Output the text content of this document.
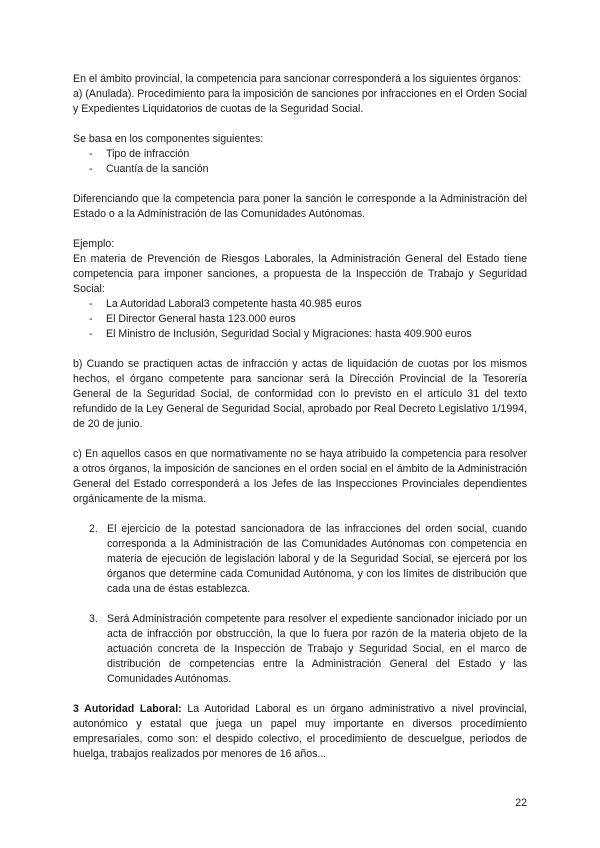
En el ámbito provincial, la competencia para sancionar corresponderá a los siguientes órganos:

a) (Anulada). Procedimiento para la imposición de sanciones por infracciones en el Orden Social y Expedientes Liquidatorios de cuotas de la Seguridad Social.

Se basa en los componentes siguientes:

- Tipo de infracción
- Cuantía de la sanción

Diferenciando que la competencia para poner la sanción le corresponde a la Administración del Estado o a la Administración de las Comunidades Autónomas.

Ejemplo:

En materia de Prevención de Riesgos Laborales, la Administración General del Estado tiene competencia para imponer sanciones, a propuesta de la Inspección de Trabajo y Seguridad Social:

- La Autoridad Laboral3 competente hasta 40.985 euros
- El Director General hasta 123.000 euros
- El Ministro de Inclusión, Seguridad Social y Migraciones: hasta 409.900 euros

b) Cuando se practiquen actas de infracción y actas de liquidación de cuotas por los mismos hechos, el órgano competente para sancionar será la Dirección Provincial de la Tesorería General de la Seguridad Social, de conformidad con lo previsto en el artículo 31 del texto refundido de la Ley General de Seguridad Social, aprobado por Real Decreto Legislativo 1/1994, de 20 de junio.

c) En aquellos casos en que normativamente no se haya atribuido la competencia para resolver a otros órganos, la imposición de sanciones en el orden social en el ámbito de la Administración General del Estado corresponderá a los Jefes de las Inspecciones Provinciales dependientes orgánicamente de la misma.

2. El ejercicio de la potestad sancionadora de las infracciones del orden social, cuando corresponda a la Administración de las Comunidades Autónomas con competencia en materia de ejecución de legislación laboral y de la Seguridad Social, se ejercerá por los órganos que determine cada Comunidad Autónoma, y con los límites de distribución que cada una de éstas establezca.
3. Será Administración competente para resolver el expediente sancionador iniciado por un acta de infracción por obstrucción, la que lo fuera por razón de la materia objeto de la actuación concreta de la Inspección de Trabajo y Seguridad Social, en el marco de distribución de competencias entre la Administración General del Estado y las Comunidades Autónomas.

3 Autoridad Laboral: La Autoridad Laboral es un órgano administrativo a nivel provincial, autonómico y estatal que juega un papel muy importante en diversos procedimiento empresariales, como son: el despido colectivo, el procedimiento de descuelgue, periodos de huelga, trabajos realizados por menores de 16 años...

22
